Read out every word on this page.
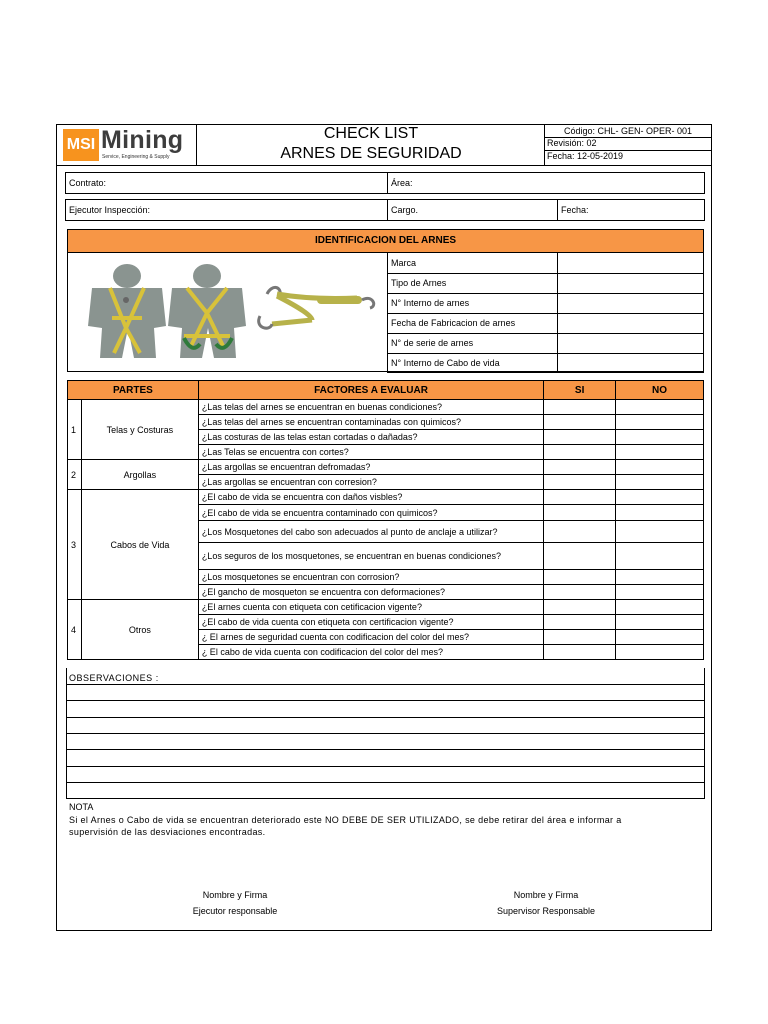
MSI Mining
Service, Engineering & Supply
CHECK LIST
ARNES DE SEGURIDAD
Código: CHL- GEN- OPER- 001
Revisión: 02
Fecha: 12-05-2019
Contrato:	Área:
Ejecutor Inspección:	Cargo.	Fecha:
IDENTIFICACION DEL ARNES
Marca	
Tipo de Arnes	
N° Interno de arnes	
Fecha de Fabricacion de arnes	
N° de serie de arnes	
N° Interno de Cabo de vida	
PARTES		FACTORES A EVALUAR	SI	NO
1	Telas y Costuras	¿Las telas del arnes se encuentran en buenas condiciones?		
		¿Las telas del arnes se encuentran contaminadas con quimicos?		
		¿Las costuras de las telas estan cortadas o dañadas?		
		¿Las Telas se encuentra con cortes?		
2	Argollas	¿Las argollas se encuentran defromadas?		
		¿Las argollas se encuentran con corresion?		
3	Cabos de Vida	¿El cabo de vida se encuentra con daños visbles?		
		¿El cabo de vida se encuentra contaminado con quimicos?		
		¿Los Mosquetones del cabo son adecuados al punto de anclaje a utilizar?		
		¿Los seguros de los mosquetones, se encuentran en buenas condiciones?		
		¿Los mosquetones se encuentran con corrosion?		
		¿El gancho de mosqueton se encuentra con deformaciones?		
4	Otros	¿El arnes cuenta con etiqueta con cetificacion vigente?		
		¿El cabo de vida cuenta con etiqueta con certificacion vigente?		
		¿ El arnes de seguridad cuenta con codificacion del color del mes?		
		¿ El cabo de vida cuenta con codificacion del color del mes?		
OBSERVACIONES :
NOTA
Si el Arnes o Cabo de vida se encuentran deteriorado este NO DEBE DE SER UTILIZADO, se debe retirar del área e informar a
supervisión de las desviaciones encontradas.
Nombre y Firma
Ejecutor responsable
Nombre y Firma
Supervisor Responsable
